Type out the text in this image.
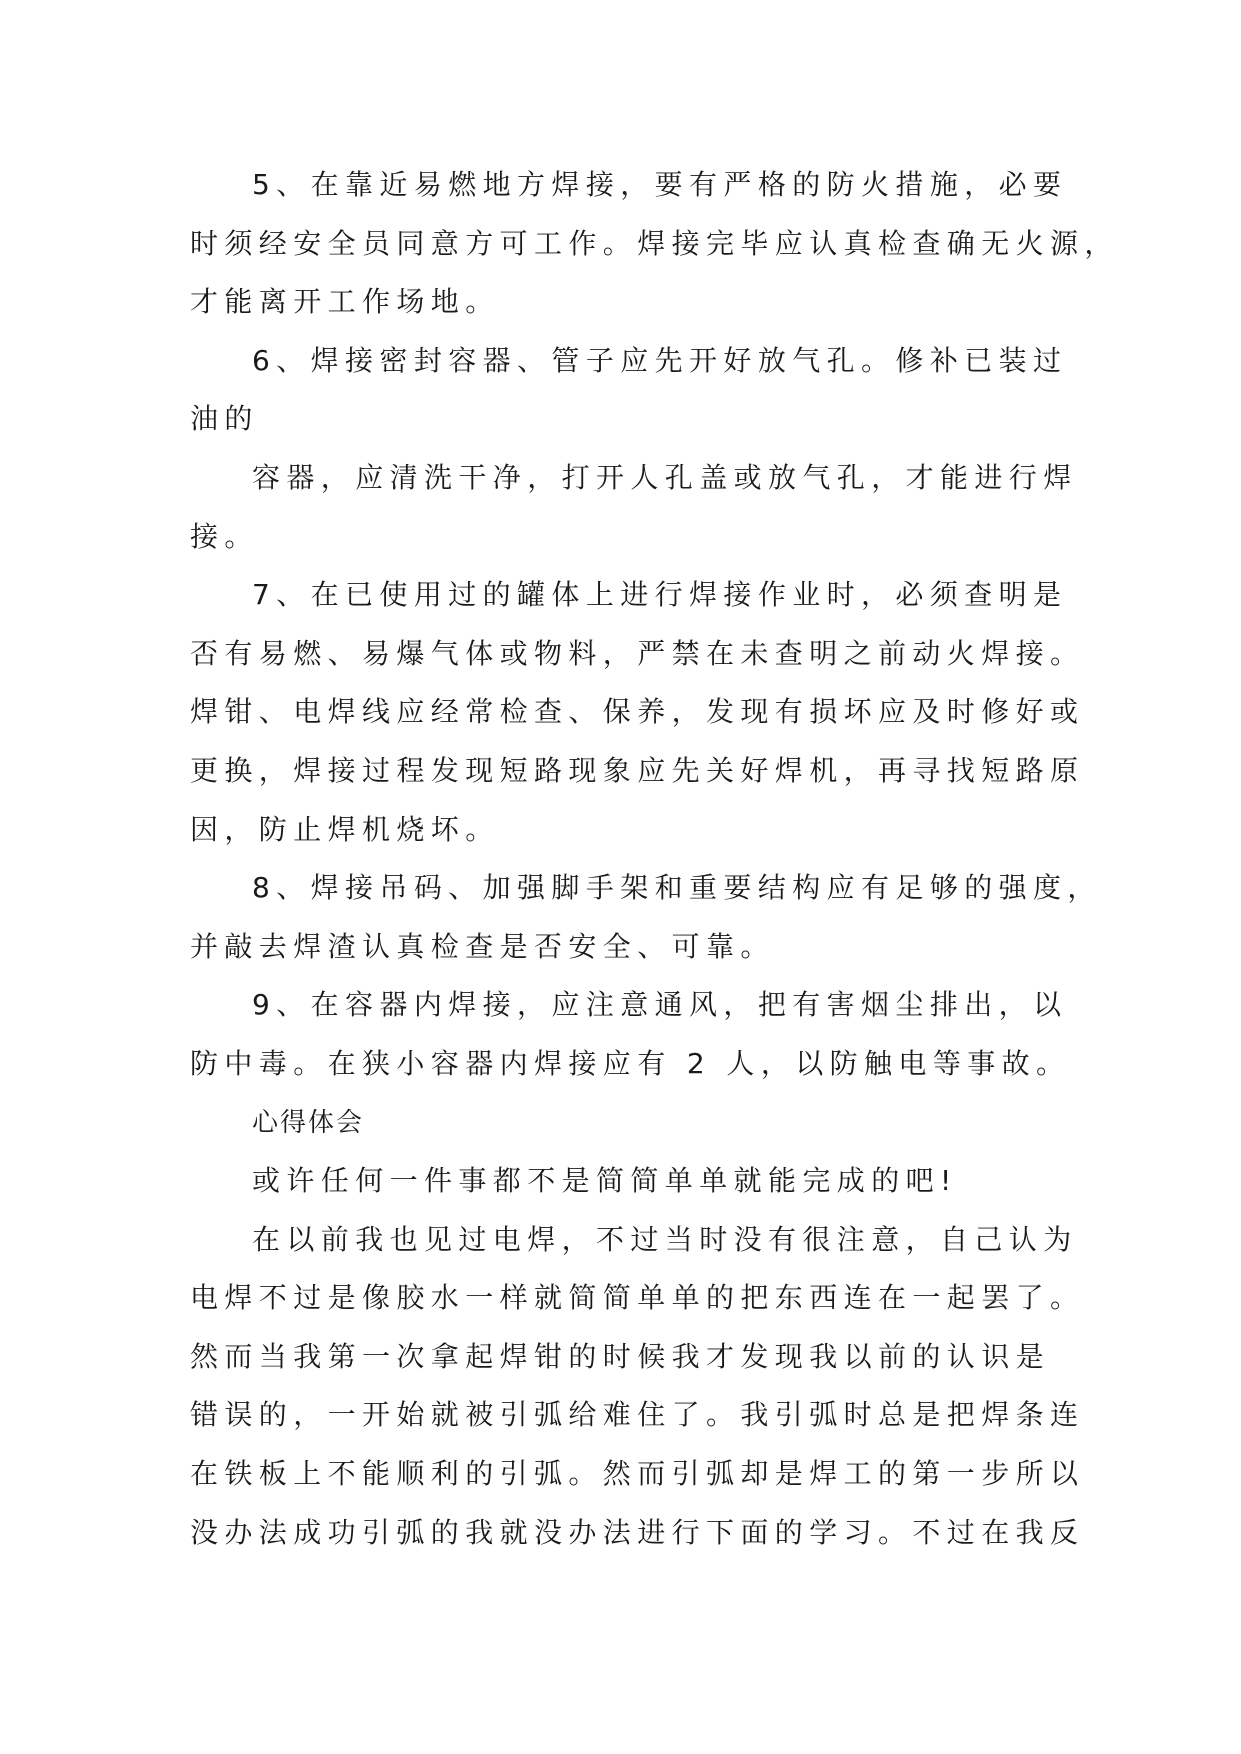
5、在靠近易燃地方焊接，要有严格的防火措施，必要
时须经安全员同意方可工作。焊接完毕应认真检查确无火源，
才能离开工作场地。
6、焊接密封容器、管子应先开好放气孔。修补已装过
油的
容器，应清洗干净，打开人孔盖或放气孔，才能进行焊
接。
7、在已使用过的罐体上进行焊接作业时，必须查明是
否有易燃、易爆气体或物料，严禁在未查明之前动火焊接。
焊钳、电焊线应经常检查、保养，发现有损坏应及时修好或
更换，焊接过程发现短路现象应先关好焊机，再寻找短路原
因，防止焊机烧坏。
8、焊接吊码、加强脚手架和重要结构应有足够的强度，
并敲去焊渣认真检查是否安全、可靠。
9、在容器内焊接，应注意通风，把有害烟尘排出，以
防中毒。在狭小容器内焊接应有 2 人，以防触电等事故。
心得体会
或许任何一件事都不是简简单单就能完成的吧!
在以前我也见过电焊，不过当时没有很注意，自己认为
电焊不过是像胶水一样就简简单单的把东西连在一起罢了。
然而当我第一次拿起焊钳的时候我才发现我以前的认识是
错误的，一开始就被引弧给难住了。我引弧时总是把焊条连
在铁板上不能顺利的引弧。然而引弧却是焊工的第一步所以
没办法成功引弧的我就没办法进行下面的学习。不过在我反
